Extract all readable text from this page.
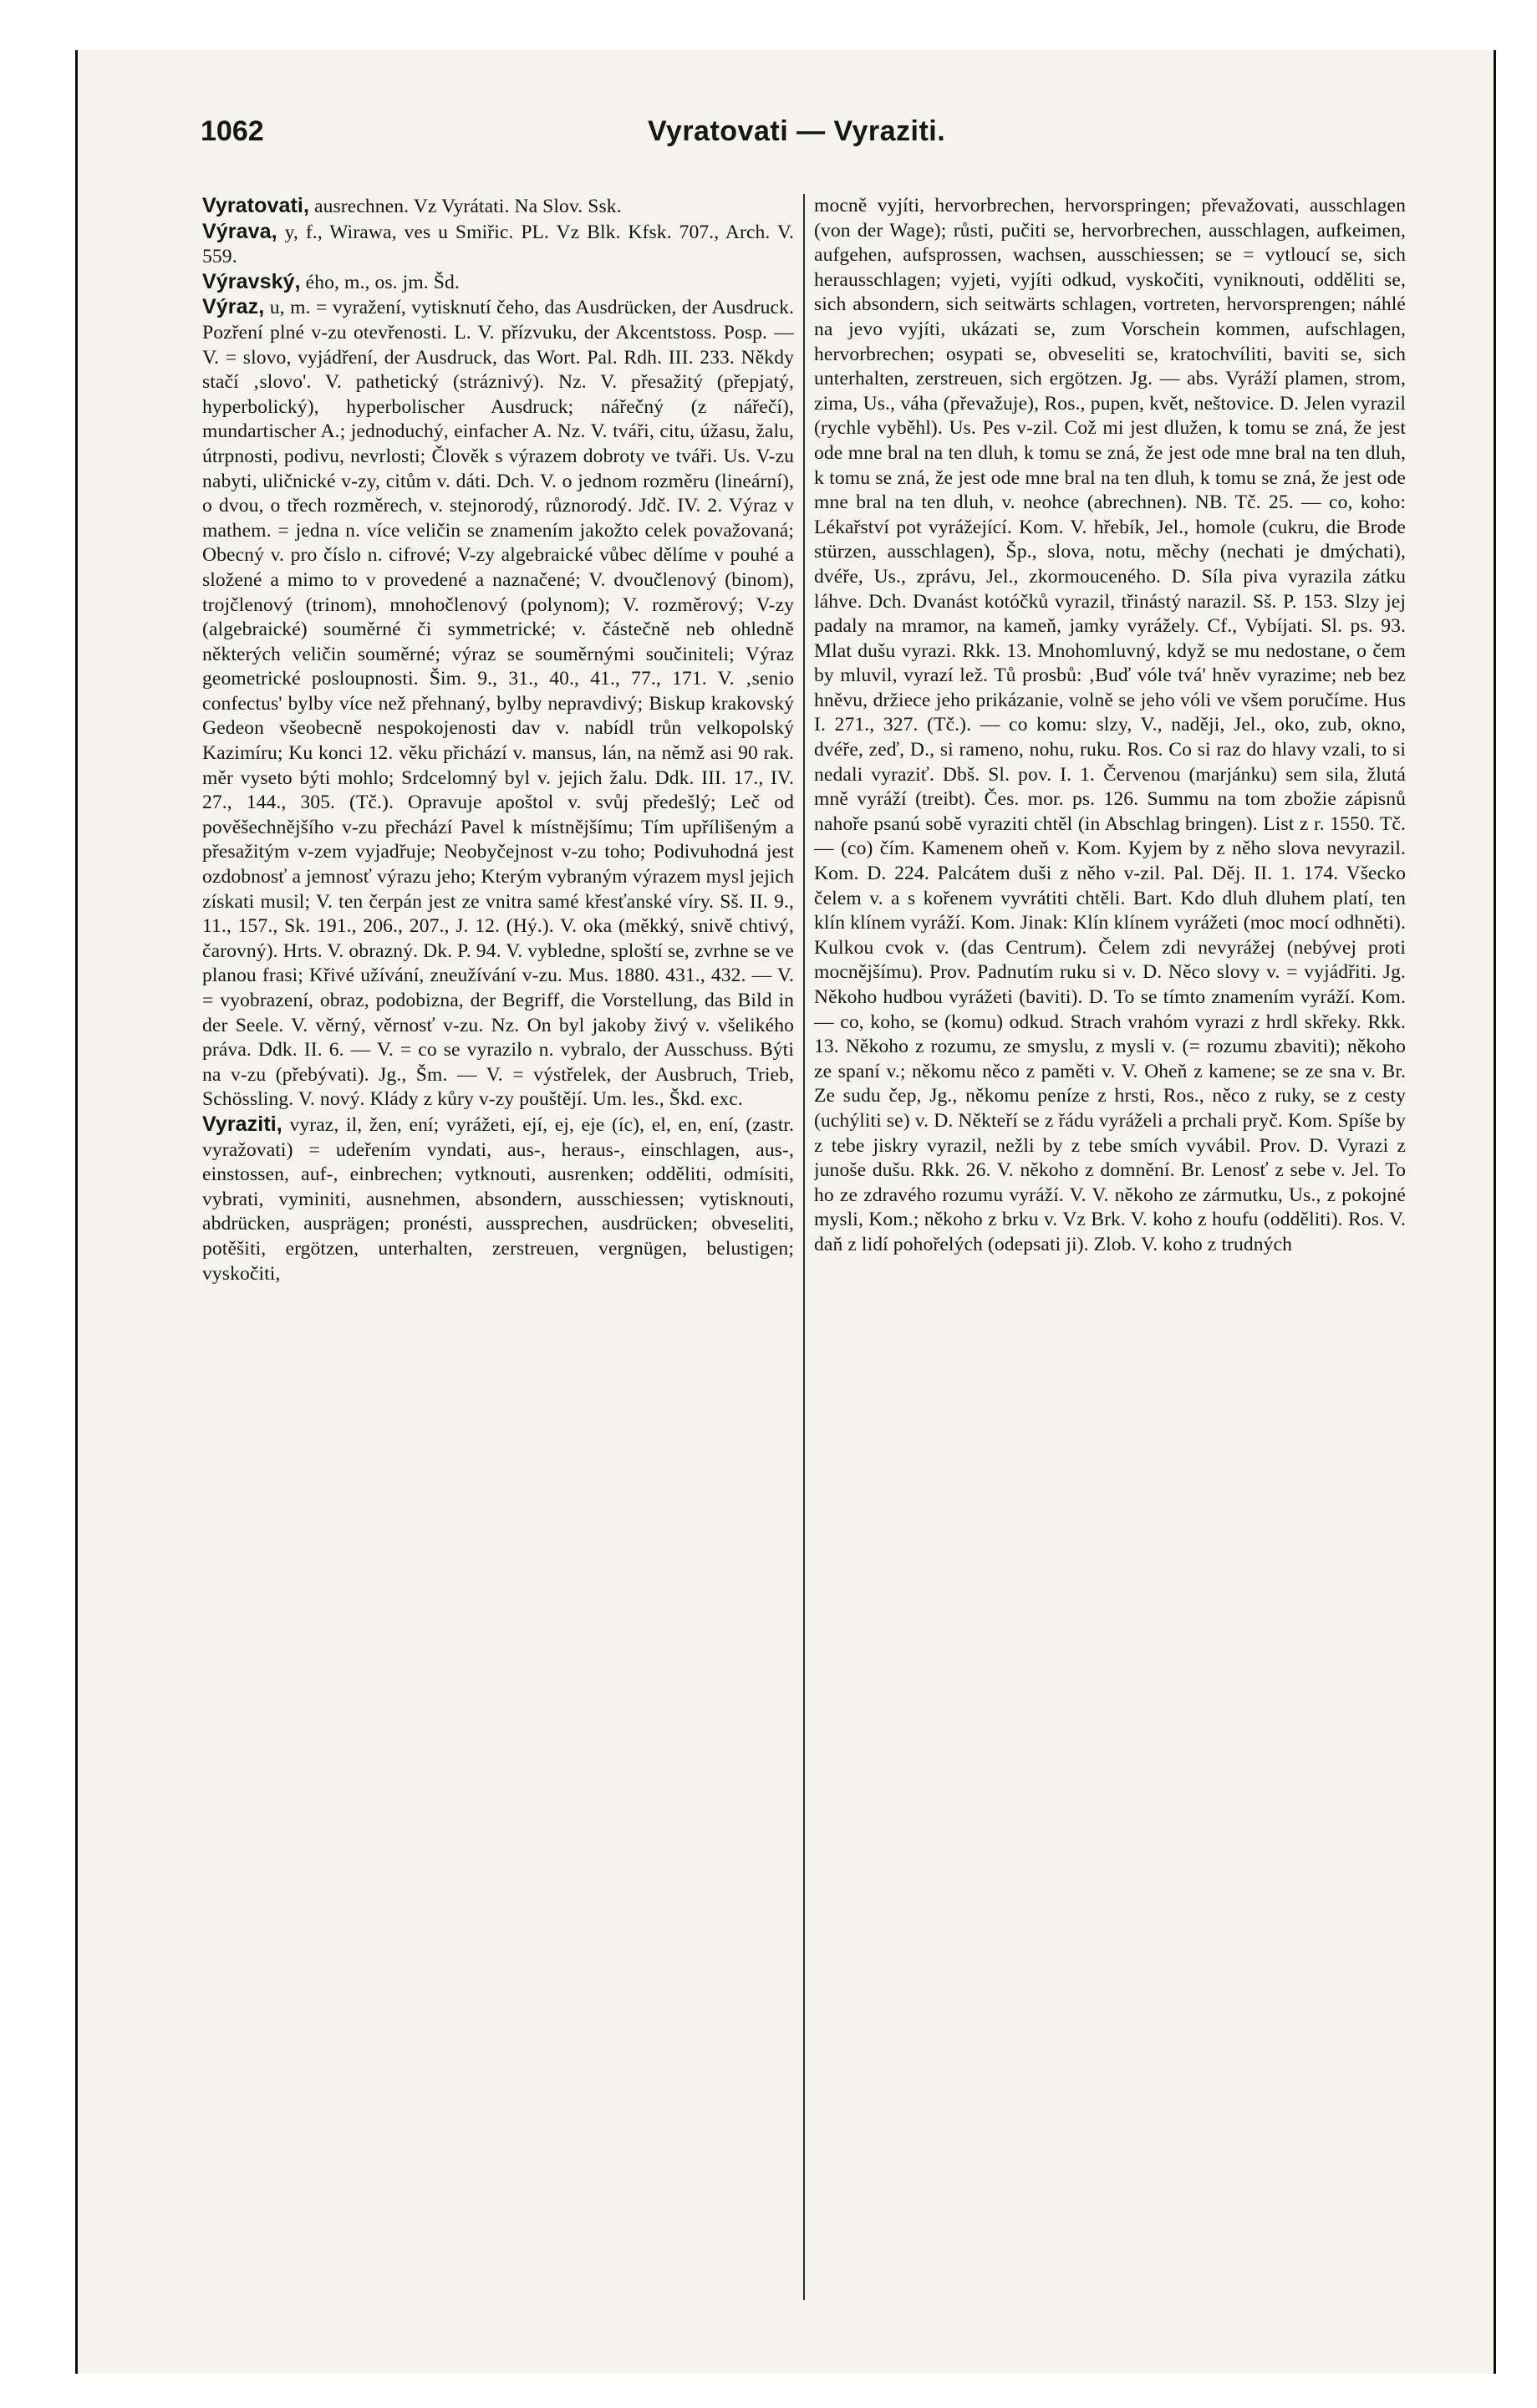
1062	Vyratovati — Vyraziti.

Vyratovati, ausrechnen. Vz Vyrátati. Na Slov. Ssk.

Výrava, y, f., Wirawa, ves u Smiřic. PL. Vz Blk. Kfsk. 707., Arch. V. 559.

Výravský, ého, m., os. jm. Šd.

Výraz, u, m. = vyražení, vytisknutí čeho, das Ausdrücken, der Ausdruck. Pozření plné v-zu otevřenosti. L. V. přízvuku, der Akcentstoss. Posp. — V. = slovo, vyjádření, der Ausdruck, das Wort. Pal. Rdh. III. 233. Někdy stačí ‚slovo'. V. pathetický (stráznivý). Nz. V. přesažitý (přepjatý, hyperbolický), hyperbolischer Ausdruck; nářečný (z nářečí), mundartischer A.; jednoduchý, einfacher A. Nz. V. tváři, citu, úžasu, žalu, útrpnosti, podivu, nevrlosti; Člověk s výrazem dobroty ve tváři. Us. V-zu nabyti, uličnické v-zy, citům v. dáti. Dch. V. o jednom rozměru (lineární), o dvou, o třech rozměrech, v. stejnorodý, různorodý. Jdč. IV. 2. Výraz v mathem. = jedna n. více veličin se znamením jakožto celek považovaná; Obecný v. pro číslo n. cifrové; V-zy algebraické vůbec dělíme v pouhé a složené a mimo to v provedené a naznačené; V. dvoučlenový (binom), trojčlenový (trinom), mnohočlenový (polynom); V. rozměrový; V-zy (algebraické) souměrné či symmetrické; v. částečně neb ohledně některých veličin souměrné; výraz se souměrnými součiniteli; Výraz geometrické posloupnosti. Šim. 9., 31., 40., 41., 77., 171. V. ‚senio confectus' bylby více než přehnaný, bylby nepravdivý; Biskup krakovský Gedeon všeobecně nespokojenosti dav v. nabídl trůn velkopolský Kazimíru; Ku konci 12. věku přichází v. mansus, lán, na němž asi 90 rak. měr vyseto býti mohlo; Srdcelomný byl v. jejich žalu. Ddk. III. 17., IV. 27., 144., 305. (Tč.). Opravuje apoštol v. svůj předešlý; Leč od pověšechnějšího v-zu přechází Pavel k místnějšímu; Tím upřílišeným a přesažitým v-zem vyjadřuje; Neobyčejnost v-zu toho; Podivuhodná jest ozdobnosť a jemnosť výrazu jeho; Kterým vybraným výrazem mysl jejich získati musil; V. ten čerpán jest ze vnitra samé křesťanské víry. Sš. II. 9., 11., 157., Sk. 191., 206., 207., J. 12. (Hý.). V. oka (měkký, snivě chtivý, čarovný). Hrts. V. obrazný. Dk. P. 94. V. vybledne, sploští se, zvrhne se ve planou frasi; Křivé užívání, zneužívání v-zu. Mus. 1880. 431., 432. — V. = vyobrazení, obraz, podobizna, der Begriff, die Vorstellung, das Bild in der Seele. V. věrný, věrnosť v-zu. Nz. On byl jakoby živý v. všelikého práva. Ddk. II. 6. — V. = co se vyrazilo n. vybralo, der Ausschuss. Býti na v-zu (přebývati). Jg., Šm. — V. = výstřelek, der Ausbruch, Trieb, Schössling. V. nový. Klády z kůry v-zy pouštějí. Um. les., Škd. exc.

Vyraziti, vyraz, il, žen, ení; vyrážeti, ejí, ej, eje (íc), el, en, ení, (zastr. vyražovati) = udeřením vyndati, aus-, heraus-, einschlagen, aus-, einstossen, auf-, einbrechen; vytknouti, ausrenken; odděliti, odmísiti, vybrati, vyminiti, ausnehmen, absondern, ausschiessen; vytisknouti, abdrücken, ausprägen; pronésti, aussprechen, ausdrücken; obveseliti, potěšiti, ergötzen, unterhalten, zerstreuen, vergnügen, belustigen; vyskočiti,

mocně vyjíti, hervorbrechen, hervorspringen; převažovati, ausschlagen (von der Wage); růsti, pučiti se, hervorbrechen, ausschlagen, aufkeimen, aufgehen, aufsprossen, wachsen, ausschiessen; se = vytloucí se, sich herausschlagen; vyjeti, vyjíti odkud, vyskočiti, vyniknouti, odděliti se, sich absondern, sich seitwärts schlagen, vortreten, hervorsprengen; náhlé na jevo vyjíti, ukázati se, zum Vorschein kommen, aufschlagen, hervorbrechen; osypati se, obveseliti se, kratochvíliti, baviti se, sich unterhalten, zerstreuen, sich ergötzen. Jg. — abs. Vyráží plamen, strom, zima, Us., váha (převažuje), Ros., pupen, květ, neštovice. D. Jelen vyrazil (rychle vyběhl). Us. Pes v-zil. Což mi jest dlužen, k tomu se zná, že jest ode mne bral na ten dluh, k tomu se zná, že jest ode mne bral na ten dluh, k tomu se zná, že jest ode mne bral na ten dluh, k tomu se zná, že jest ode mne bral na ten dluh, v. neohce (abrechnen). NB. Tč. 25. — co, koho: Lékařství pot vyrážející. Kom. V. hřebík, Jel., homole (cukru, die Brode stürzen, ausschlagen), Šp., slova, notu, měchy (nechati je dmýchati), dvéře, Us., zprávu, Jel., zkormouceného. D. Síla piva vyrazila zátku láhve. Dch. Dvanást kotóčků vyrazil, třinástý narazil. Sš. P. 153. Slzy jej padaly na mramor, na kameň, jamky vyrážely. Cf., Vybíjati. Sl. ps. 93. Mlat dušu vyrazi. Rkk. 13. Mnohomluvný, když se mu nedostane, o čem by mluvil, vyrazí lež. Tů prosbů: ‚Buď vóle tvá' hněv vyrazime; neb bez hněvu, držiece jeho prikázanie, volně se jeho vóli ve všem poručíme. Hus I. 271., 327. (Tč.). — co komu: slzy, V., naději, Jel., oko, zub, okno, dvéře, zeď, D., si rameno, nohu, ruku. Ros. Co si raz do hlavy vzali, to si nedali vyraziť. Dbš. Sl. pov. I. 1. Červenou (marjánku) sem sila, žlutá mně vyráží (treibt). Čes. mor. ps. 126. Summu na tom zbožie zápisnů nahoře psanú sobě vyraziti chtěl (in Abschlag bringen). List z r. 1550. Tč. — (co) čím. Kamenem oheň v. Kom. Kyjem by z něho slova nevyrazil. Kom. D. 224. Palcátem duši z něho v-zil. Pal. Děj. II. 1. 174. Všecko čelem v. a s kořenem vyvrátiti chtěli. Bart. Kdo dluh dluhem platí, ten klín klínem vyráží. Kom. Jinak: Klín klínem vyrážeti (moc mocí odhněti). Kulkou cvok v. (das Centrum). Čelem zdi nevyrážej (nebývej proti mocnějšímu). Prov. Padnutím ruku si v. D. Něco slovy v. = vyjádřiti. Jg. Někoho hudbou vyrážeti (baviti). D. To se tímto znamením vyráží. Kom. — co, koho, se (komu) odkud. Strach vrahóm vyrazi z hrdl skřeky. Rkk. 13. Někoho z rozumu, ze smyslu, z mysli v. (= rozumu zbaviti); někoho ze spaní v.; někomu něco z paměti v. V. Oheň z kamene; se ze sna v. Br. Ze sudu čep, Jg., někomu peníze z hrsti, Ros., něco z ruky, se z cesty (uchýliti se) v. D. Někteří se z řádu vyráželi a prchali pryč. Kom. Spíše by z tebe jiskry vyrazil, nežli by z tebe smích vyvábil. Prov. D. Vyrazi z junoše dušu. Rkk. 26. V. někoho z domnění. Br. Lenosť z sebe v. Jel. To ho ze zdravého rozumu vyráží. V. V. někoho ze zármutku, Us., z pokojné mysli, Kom.; někoho z brku v. Vz Brk. V. koho z houfu (odděliti). Ros. V. daň z lidí pohořelých (odepsati ji). Zlob. V. koho z trudných
